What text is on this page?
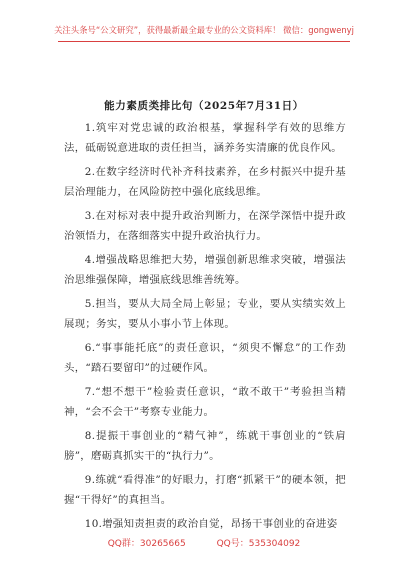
关注头条号“公文研究”，获得最新最全最专业的公文资料库！ 微信：gongwenyj
能力素质类排比句（2025年7月31日）

1.筑牢对党忠诚的政治根基，掌握科学有效的思维方法，砥砺锐意进取的责任担当，涵养务实清廉的优良作风。

2.在数字经济时代补齐科技素养，在乡村振兴中提升基层治理能力，在风险防控中强化底线思维。

3.在对标对表中提升政治判断力，在深学深悟中提升政治领悟力，在落细落实中提升政治执行力。

4.增强战略思维把大势，增强创新思维求突破，增强法治思维强保障，增强底线思维善统筹。

5.担当，要从大局全局上彰显；专业，要从实绩实效上展现；务实，要从小事小节上体现。

6.“事事能托底”的责任意识，“须臾不懈怠”的工作劲头，“踏石要留印”的过硬作风。

7.“想不想干”检验责任意识，“敢不敢干”考验担当精神，“会不会干”考察专业能力。

8.提振干事创业的“精气神”，练就干事创业的“铁肩膀”，磨砺真抓实干的“执行力”。

9.练就“看得准”的好眼力，打磨“抓紧干”的硬本领，把握“干得好”的真担当。

10.增强知责担责的政治自觉，昂扬干事创业的奋进姿

QQ群：30265665	QQ号：535304092
